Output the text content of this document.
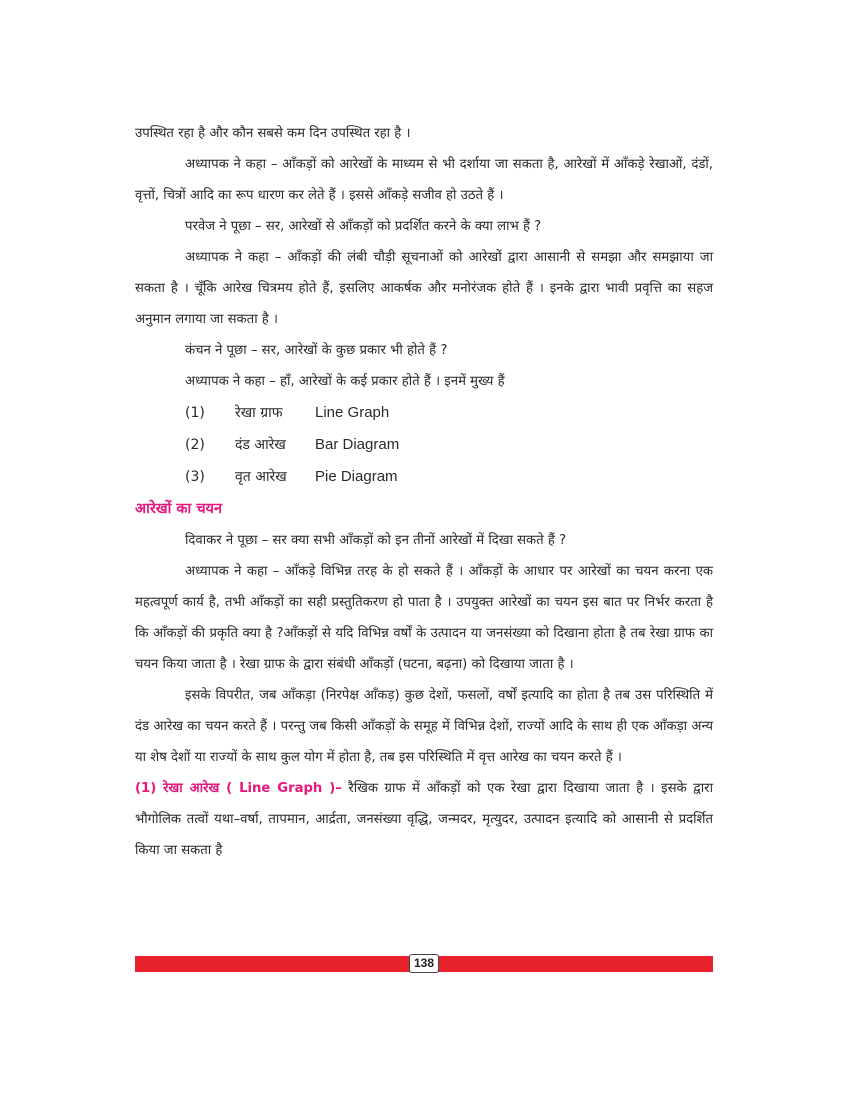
उपस्थित रहा है और कौन सबसे कम दिन उपस्थित रहा है ।

अध्यापक ने कहा – आँकड़ों को आरेखों के माध्यम से भी दर्शाया जा सकता है, आरेखों में आँकड़े रेखाओं, दंडों, वृत्तों, चित्रों आदि का रूप धारण कर लेते हैं । इससे आँकड़े सजीव हो उठते हैं ।

परवेज ने पूछा – सर, आरेखों से आँकड़ों को प्रदर्शित करने के क्या लाभ हैं ?

अध्यापक ने कहा – आँकड़ों की लंबी चौड़ी सूचनाओं को आरेखों द्वारा आसानी से समझा और समझाया जा सकता है । चूँकि आरेख चित्रमय होते हैं, इसलिए आकर्षक और मनोरंजक होते हैं । इनके द्वारा भावी प्रवृत्ति का सहज अनुमान लगाया जा सकता है ।

कंचन ने पूछा – सर, आरेखों के कुछ प्रकार भी होते हैं ?

अध्यापक ने कहा – हाँ, आरेखों के कई प्रकार होते हैं । इनमें मुख्य हैं

(1)	रेखा ग्राफ	Line Graph
(2)	दंड आरेख	Bar Diagram
(3)	वृत आरेख	Pie Diagram

आरेखों का चयन

दिवाकर ने पूछा – सर क्या सभी आँकड़ों को इन तीनों आरेखों में दिखा सकते हैं ?

अध्यापक ने कहा – आँकड़े विभिन्न तरह के हो सकते हैं । आँकड़ों के आधार पर आरेखों का चयन करना एक महत्वपूर्ण कार्य है, तभी आँकड़ों का सही प्रस्तुतिकरण हो पाता है । उपयुक्त आरेखों का चयन इस बात पर निर्भर करता है कि आँकड़ों की प्रकृति क्या है ?आँकड़ों से यदि विभिन्न वर्षों के उत्पादन या जनसंख्या को दिखाना होता है तब रेखा ग्राफ का चयन किया जाता है । रेखा ग्राफ के द्वारा संबंधी आँकड़ों (घटना, बढ़ना) को दिखाया जाता है ।

इसके विपरीत, जब आँकड़ा (निरपेक्ष आँकड़) कुछ देशों, फसलों, वर्षों इत्यादि का होता है तब उस परिस्थिति में दंड आरेख का चयन करते हैं । परन्तु जब किसी आँकड़ों के समूह में विभिन्न देशों, राज्यों आदि के साथ ही एक आँकड़ा अन्य या शेष देशों या राज्यों के साथ कुल योग में होता है, तब इस परिस्थिति में वृत्त आरेख का चयन करते हैं ।

(1) रेखा आरेख ( Line Graph )– रैखिक ग्राफ में आँकड़ों को एक रेखा द्वारा दिखाया जाता है । इसके द्वारा भौगोलिक तत्वों यथा–वर्षा, तापमान, आर्द्रता, जनसंख्या वृद्धि, जन्मदर, मृत्युदर, उत्पादन इत्यादि को आसानी से प्रदर्शित किया जा सकता है

138
